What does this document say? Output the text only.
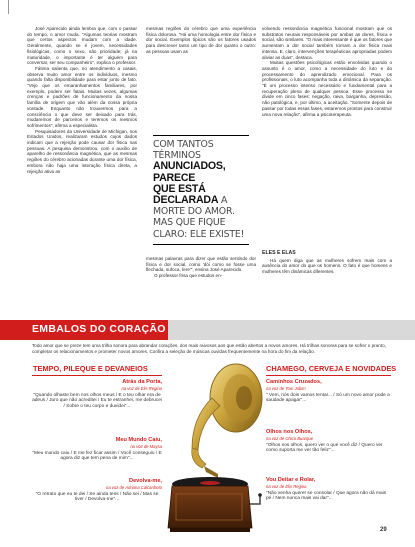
José Aparecido ainda lembra que, com o passar do tempo, o amor muda. "Algumas teorias mostram que certos aspectos mudam com a idade. Geralmente, quando se é jovem, necessidades fisiológicas, como o sexo, são prioridade; já na maturidade, o importante é ter alguém para conversar, ser seu companheiro", explica o professor.

Fátima salienta que, no atendimento a casais, observa muito amor entre os indivíduos, mesmo quando falta disponibilidade para estar junto de fato. "Vejo que os emaranhamentos familiares, por exemplo, podem ser fatais. Muitas vezes, algumas crenças e padrões de funcionamento da nossa família de origem que vão além da nossa própria vontade. Enquanto não trouxermos para a consciência o que deve ser deixado para trás, mudaremos de parceiros e teremos os mesmos sofrimentos", afirma a especialista.

Pesquisadores da Universidade de Michigan, nos Estados Unidos, realizaram estudos cujos dados indicam que a rejeição pode causar dor física nas pessoas. A pesquisa demonstrou, com o auxílio de aparelho de ressonância magnética, que as mesmas regiões do cérebro acionadas durante uma dor física, embora não haja uma interação física direta, a rejeição ativa as

mesmas regiões do cérebro que uma experiência física dolorosa. "Há uma homologia entre dor física e dor social. Exemplos típicos são os fatores usados para descrever tanto um tipo de dor quanto o outro: as pessoas usam as

COM TANTOS
TÉRMINOS
ANUNCIADOS,
PARECE
QUE ESTÁ
DECLARADA A
MORTE DO AMOR.
MAS QUE FIQUE
CLARO: ELE EXISTE!

mesmas palavras para dizer que estão sentindo dor física e dor social, como 'dói como se fosse uma flechada, sufoca, fere'", ensina José Aparecido.

O professor frisa que estudos en-

volvendo ressonância magnética funcional mostram que os substratos neurais responsáveis por ambas as dores, física e social, são similares. "O mais interessante é que os fatores que aumentam a dor social também tornam a dor física mais intensa. E, claro, intervenções terapêuticas apropriadas podem aliviar as duas", destaca.

Muitas questões psicológicas estão envolvidas quando o assunto é o amor, como a necessidade do luto e do processamento do aprendizado emocional. Para os profissionais, o luto acompanha toda a dinâmica da separação. "É um processo intenso necessário e fundamental para a recuperação plena de qualquer pessoa. Esse processo se divide em cinco fases: negação, raiva, barganha, depressão, não patológica, e, por último, a aceitação. "Somente depois de passar por todas essas fases, estaremos prontos para construir uma nova relação", afirma a psicoterapeuta.

ELES E ELAS

Há quem diga que as mulheres sofrem mais com a ausência do amor do que os homens. O fato é que homens e mulheres têm dinâmicas diferentes.

EMBALOS DO CORAÇÃO
Todo amor que se preze tem uma trilha sonora para abrandar corações, dos mais raivosos aos que estão abertos a novos amores. Há trilhas sonoras para se sofrer o pranto, completar os relacionamentos e prometer novos amores. Confira a seleção de músicas ouvidas frequentemente na hora do fim da relação.
TEMPO, PILEQUE E DEVANEIOS	CHAMEGO, CERVEJA E NOVIDADES
Atrás da Porta,
na voz de Elis Regina
"Quando olhaste bem nos olhos meus / E o teu olhar era de adeus / Juro que não acreditei / Eu te estranhei, me debrucei / Sobre o teu corpo e duvidei"...
Meu Mundo Caiu,
na voz de Maysa
"Meu mundo caiu / E me fez ficar assim / Você conseguiu / E agora diz que tem pena de mim"...
Devolva-me,
na voz de Adriana Calcanhoto
"O retrato que eu te dei / Se ainda tens / Não sei / Mas se tiver / Devolva-me"...
Caminhos Cruzados,
na voz de Tom Jobim
" Vem, nós dois vamos tentar... / Só um novo amor pode a saudade apagar"...
Olhos nos Olhos,
na voz de Chico Buarque
"Olhos nos olhos, quero ver o que você diz / Quero ver como suporta me ver tão feliz"...
Vou Deitar e Rolar,
na voz de Elis Regina
"Não venha querer se consolar / Que agora não dá mais pé / Nem nunca mais vai dar"...
29
